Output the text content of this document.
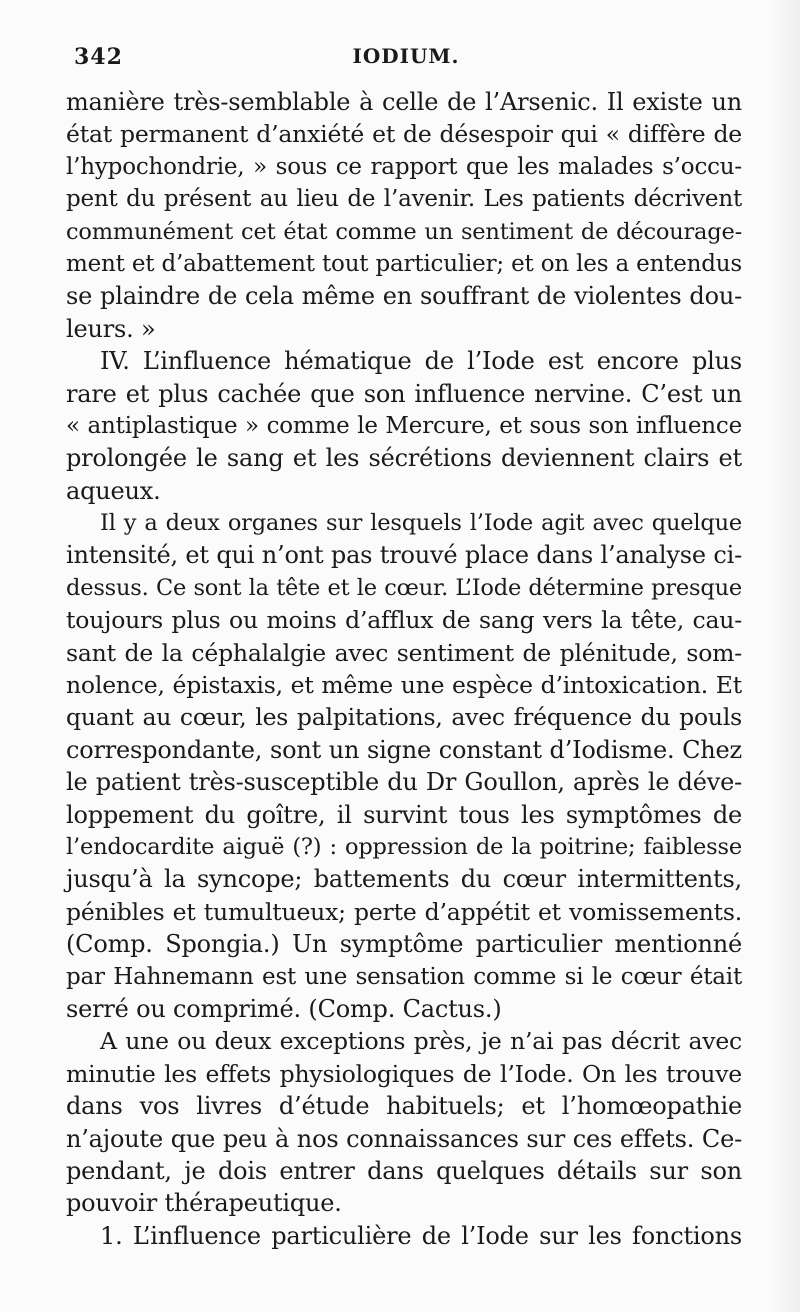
342	IODIUM.
manière très-semblable à celle de l’Arsenic. Il existe un
état permanent d’anxiété et de désespoir qui « diffère de
l’hypochondrie, » sous ce rapport que les malades s’occu-
pent du présent au lieu de l’avenir. Les patients décrivent
communément cet état comme un sentiment de décourage-
ment et d’abattement tout particulier; et on les a entendus
se plaindre de cela même en souffrant de violentes dou-
leurs. »
IV. L’influence hématique de l’Iode est encore plus
rare et plus cachée que son influence nervine. C’est un
« antiplastique » comme le Mercure, et sous son influence
prolongée le sang et les sécrétions deviennent clairs et
aqueux.
Il y a deux organes sur lesquels l’Iode agit avec quelque
intensité, et qui n’ont pas trouvé place dans l’analyse ci-
dessus. Ce sont la tête et le cœur. L’Iode détermine presque
toujours plus ou moins d’afflux de sang vers la tête, cau-
sant de la céphalalgie avec sentiment de plénitude, som-
nolence, épistaxis, et même une espèce d’intoxication. Et
quant au cœur, les palpitations, avec fréquence du pouls
correspondante, sont un signe constant d’Iodisme. Chez
le patient très-susceptible du Dr Goullon, après le déve-
loppement du goître, il survint tous les symptômes de
l’endocardite aiguë (?) : oppression de la poitrine; faiblesse
jusqu’à la syncope; battements du cœur intermittents,
pénibles et tumultueux; perte d’appétit et vomissements.
(Comp. Spongia.) Un symptôme particulier mentionné
par Hahnemann est une sensation comme si le cœur était
serré ou comprimé. (Comp. Cactus.)
A une ou deux exceptions près, je n’ai pas décrit avec
minutie les effets physiologiques de l’Iode. On les trouve
dans vos livres d’étude habituels; et l’homœopathie
n’ajoute que peu à nos connaissances sur ces effets. Ce-
pendant, je dois entrer dans quelques détails sur son
pouvoir thérapeutique.
1. L’influence particulière de l’Iode sur les fonctions
